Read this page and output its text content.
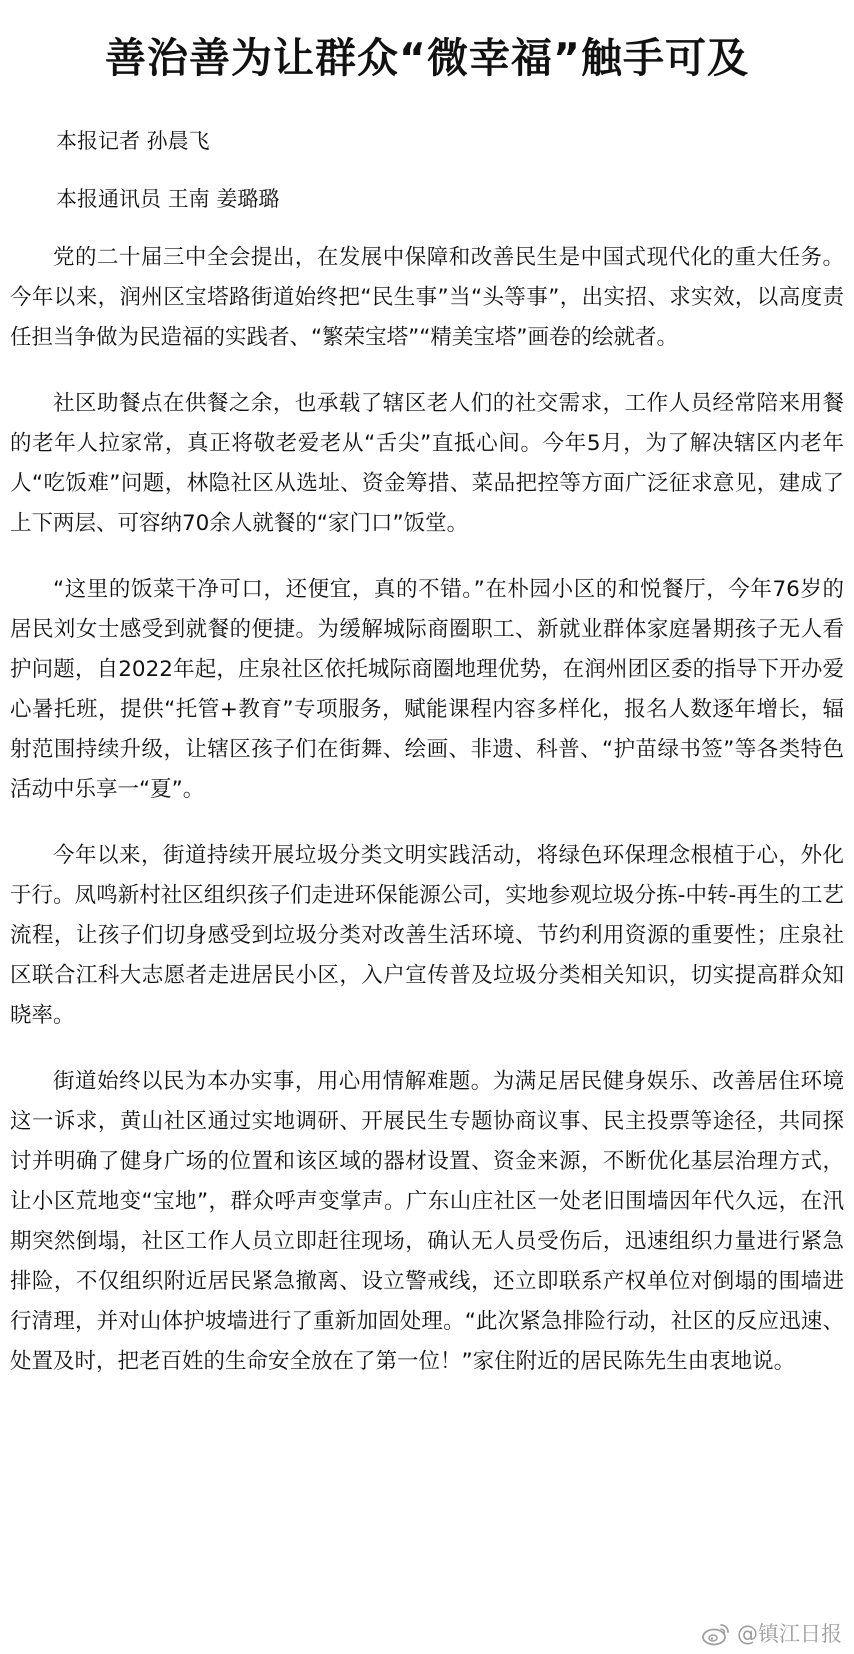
善治善为让群众“微幸福”触手可及

本报记者 孙晨飞

本报通讯员 王南 姜璐璐

党的二十届三中全会提出，在发展中保障和改善民生是中国式现代化的重大任务。今年以来，润州区宝塔路街道始终把“民生事”当“头等事”，出实招、求实效，以高度责任担当争做为民造福的实践者、“繁荣宝塔”“精美宝塔”画卷的绘就者。

社区助餐点在供餐之余，也承载了辖区老人们的社交需求，工作人员经常陪来用餐的老年人拉家常，真正将敬老爱老从“舌尖”直抵心间。今年5月，为了解决辖区内老年人“吃饭难”问题，林隐社区从选址、资金筹措、菜品把控等方面广泛征求意见，建成了上下两层、可容纳70余人就餐的“家门口”饭堂。

“这里的饭菜干净可口，还便宜，真的不错。”在朴园小区的和悦餐厅，今年76岁的居民刘女士感受到就餐的便捷。为缓解城际商圈职工、新就业群体家庭暑期孩子无人看护问题，自2022年起，庄泉社区依托城际商圈地理优势，在润州团区委的指导下开办爱心暑托班，提供“托管+教育”专项服务，赋能课程内容多样化，报名人数逐年增长，辐射范围持续升级，让辖区孩子们在街舞、绘画、非遗、科普、“护苗绿书签”等各类特色活动中乐享一“夏”。

今年以来，街道持续开展垃圾分类文明实践活动，将绿色环保理念根植于心，外化于行。凤鸣新村社区组织孩子们走进环保能源公司，实地参观垃圾分拣-中转-再生的工艺流程，让孩子们切身感受到垃圾分类对改善生活环境、节约利用资源的重要性；庄泉社区联合江科大志愿者走进居民小区，入户宣传普及垃圾分类相关知识，切实提高群众知晓率。

街道始终以民为本办实事，用心用情解难题。为满足居民健身娱乐、改善居住环境这一诉求，黄山社区通过实地调研、开展民生专题协商议事、民主投票等途径，共同探讨并明确了健身广场的位置和该区域的器材设置、资金来源，不断优化基层治理方式，让小区荒地变“宝地”，群众呼声变掌声。广东山庄社区一处老旧围墙因年代久远，在汛期突然倒塌，社区工作人员立即赶往现场，确认无人员受伤后，迅速组织力量进行紧急排险，不仅组织附近居民紧急撤离、设立警戒线，还立即联系产权单位对倒塌的围墙进行清理，并对山体护坡墙进行了重新加固处理。“此次紧急排险行动，社区的反应迅速、处置及时，把老百姓的生命安全放在了第一位！”家住附近的居民陈先生由衷地说。

@镇江日报
